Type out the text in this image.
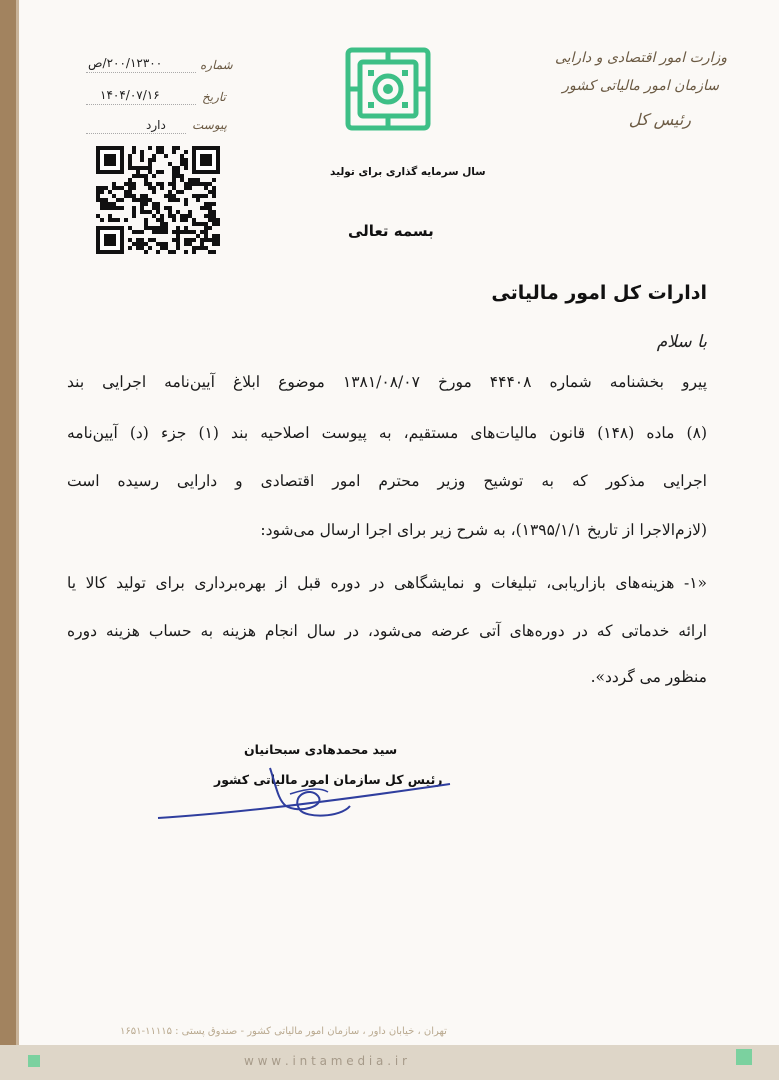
وزارت امور اقتصادی و دارایی
سازمان امور مالیاتی کشور
رئیس کل
سال سرمایه گذاری برای تولید
بسمه تعالی
شماره
۲۰۰/۱۲۳۰۰/ص
تاریخ
۱۴۰۴/۰۷/۱۶
پیوست
دارد
ادارات کل امور مالیاتی
با سلام
پیرو بخشنامه شماره ۴۴۴۰۸ مورخ ۱۳۸۱/۰۸/۰۷ موضوع ابلاغ آیین‌نامه اجرایی بند
(۸) ماده (۱۴۸) قانون مالیات‌های مستقیم، به پیوست اصلاحیه بند (۱) جزء (د) آیین‌نامه
اجرایی مذکور که به توشیح وزیر محترم امور اقتصادی و دارایی رسیده است
(لازم‌الاجرا از تاریخ ۱۳۹۵/۱/۱)، به شرح زیر برای اجرا ارسال می‌شود:
«۱- هزینه‌های بازاریابی، تبلیغات و نمایشگاهی در دوره قبل از بهره‌برداری برای تولید کالا یا
ارائه خدماتی که در دوره‌های آتی عرضه می‌شود، در سال انجام هزینه به حساب هزینه دوره
منظور می گردد».
سید محمدهادی سبحانیان
رئیس کل سازمان امور مالیاتی کشور
تهران ، خیابان داور ، سازمان امور مالیاتی کشور - صندوق پستی : ۱۱۱۱۵-۱۶۵۱
w w w . i n t a m e d i a . i r
